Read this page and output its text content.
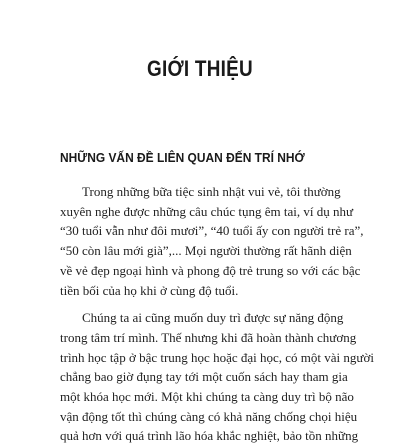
GIỚI THIỆU
NHỮNG VẤN ĐỀ LIÊN QUAN ĐẾN TRÍ NHỚ

Trong những bữa tiệc sinh nhật vui vẻ, tôi thường
xuyên nghe được những câu chúc tụng êm tai, ví dụ như
“30 tuổi vẫn như đôi mươi”, “40 tuổi ấy con người trẻ ra”,
“50 còn lâu mới già”,... Mọi người thường rất hãnh diện
về vẻ đẹp ngoại hình và phong độ trẻ trung so với các bậc
tiền bối của họ khi ở cùng độ tuổi.

Chúng ta ai cũng muốn duy trì được sự năng động
trong tâm trí mình. Thế nhưng khi đã hoàn thành chương
trình học tập ở bậc trung học hoặc đại học, có một vài người
chẳng bao giờ đụng tay tới một cuốn sách hay tham gia
một khóa học mới. Một khi chúng ta càng duy trì bộ não
vận động tốt thì chúng càng có khả năng chống chọi hiệu
quả hơn với quá trình lão hóa khắc nghiệt, bảo tồn những
